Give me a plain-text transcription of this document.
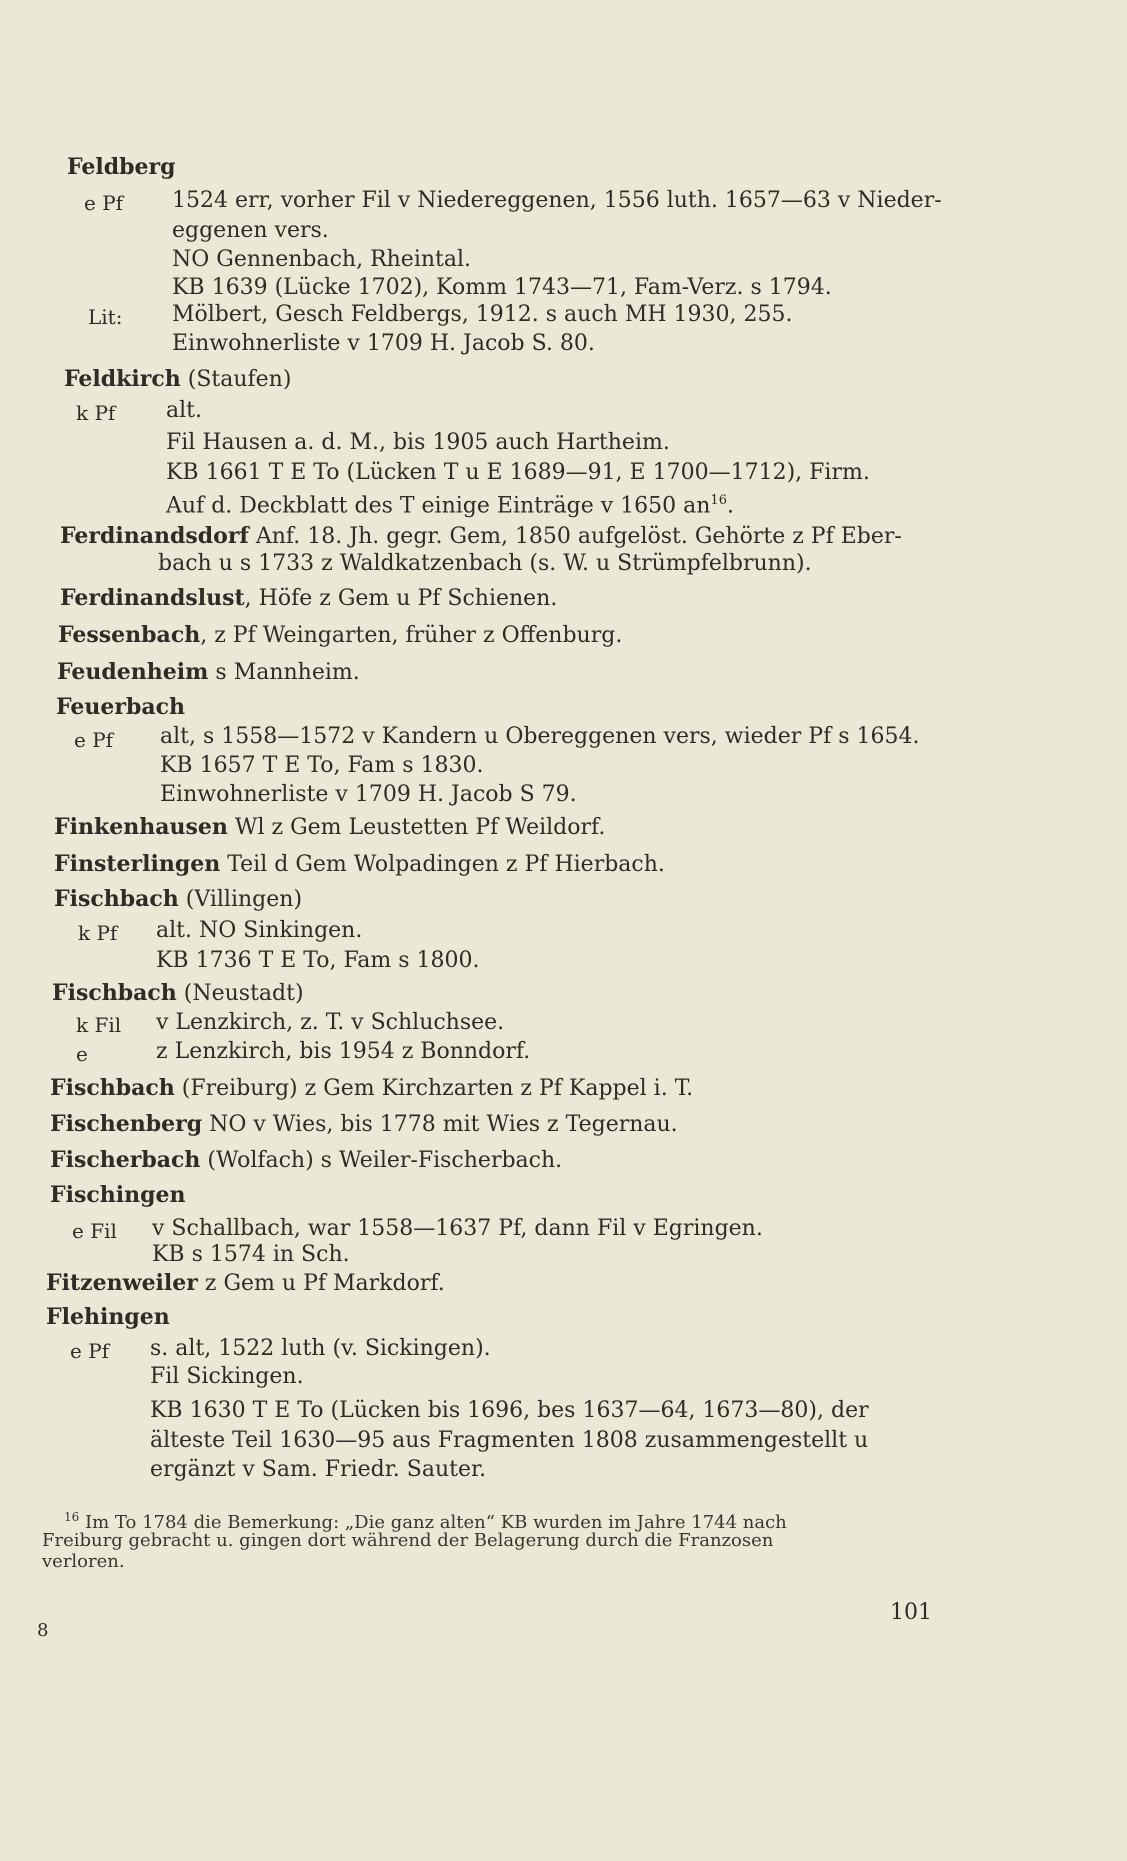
Feldberg
e Pf 1524 err, vorher Fil v Niedereggenen, 1556 luth. 1657—63 v Nieder-
eggenen vers.
NO Gennenbach, Rheintal.
KB 1639 (Lücke 1702), Komm 1743—71, Fam-Verz. s 1794.
Lit: Mölbert, Gesch Feldbergs, 1912. s auch MH 1930, 255.
Einwohnerliste v 1709 H. Jacob S. 80.
Feldkirch (Staufen)
k Pf alt.
Fil Hausen a. d. M., bis 1905 auch Hartheim.
KB 1661 T E To (Lücken T u E 1689—91, E 1700—1712), Firm.
Auf d. Deckblatt des T einige Einträge v 1650 $an^{16}$.
Ferdinandsdorf Anf. 18. Jh. gegr. Gem, 1850 aufgelöst. Gehörte z Pf Eber-
bach u s 1733 z Waldkatzenbach (s. W. u Strümpfelbrunn).
Ferdinandslust, Höfe z Gem u Pf Schienen.
Fessenbach, z Pf Weingarten, früher z Offenburg.
Feudenheim s Mannheim.
Feuerbach
e Pf alt, s 1558—1572 v Kandern u Obereggenen vers, wieder Pf s 1654.
KB 1657 T E To, Fam s 1830.
Einwohnerliste v 1709 H. Jacob S 79.
Finkenhausen Wl z Gem Leustetten Pf Weildorf.
Finsterlingen Teil d Gem Wolpadingen z Pf Hierbach.
Fischbach (Villingen)
k Pf alt. NO Sinkingen.
KB 1736 T E To, Fam s 1800.
Fischbach (Neustadt)
k Fil v Lenzkirch, z. T. v Schluchsee.
e	z Lenzkirch, bis 1954 z Bonndorf.
Fischbach (Freiburg) z Gem Kirchzarten z Pf Kappel i. T.
Fischenberg NO v Wies, bis 1778 mit Wies z Tegernau.
Fischerbach (Wolfach) s Weiler-Fischerbach.
Fischingen
e Fil v Schallbach, war 1558—1637 Pf, dann Fil v Egringen.
KB s 1574 in Sch.
Fitzenweiler z Gem u Pf Markdorf.
Flehingen
e Pf s. alt, 1522 luth (v. Sickingen).
Fil Sickingen.
KB 1630 T E To (Lücken bis 1696, bes 1637—64, 1673—80), der
älteste Teil 1630—95 aus Fragmenten 1808 zusammengestellt u
ergänzt v Sam. Friedr. Sauter.
$^{16}$ Im To 1784 die Bemerkung: „Die ganz alten“ KB wurden im Jahre 1744 nach
Freiburg gebracht u. gingen dort während der Belagerung durch die Franzosen
verloren.
8
101
